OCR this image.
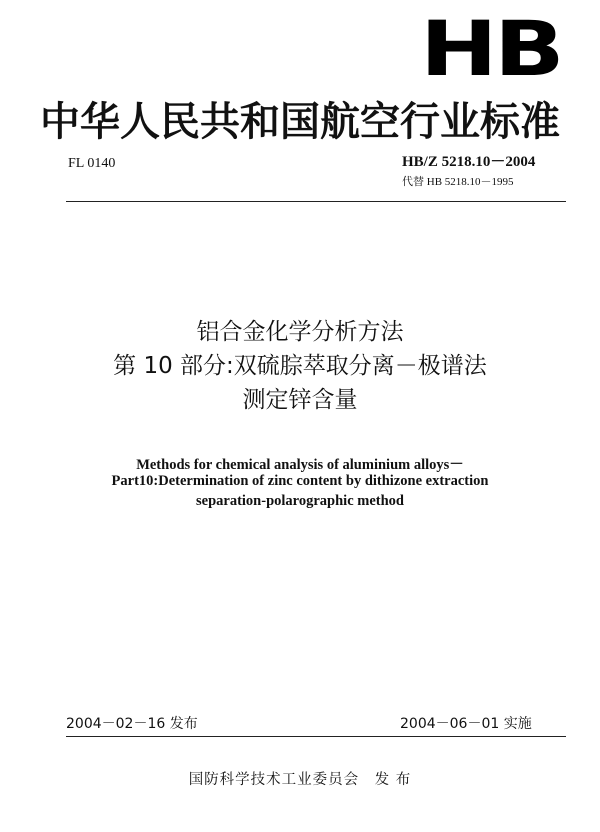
HB
中华人民共和国航空行业标准
FL 0140	HB/Z 5218.10－2004
代替 HB 5218.10－1995
铝合金化学分析方法
第 10 部分:双硫腙萃取分离－极谱法
测定锌含量
Methods for chemical analysis of aluminium alloys－
Part10:Determination of zinc content by dithizone extraction
separation-polarographic method
2004－02－16 发布	2004－06－01 实施
国防科学技术工业委员会　发 布
